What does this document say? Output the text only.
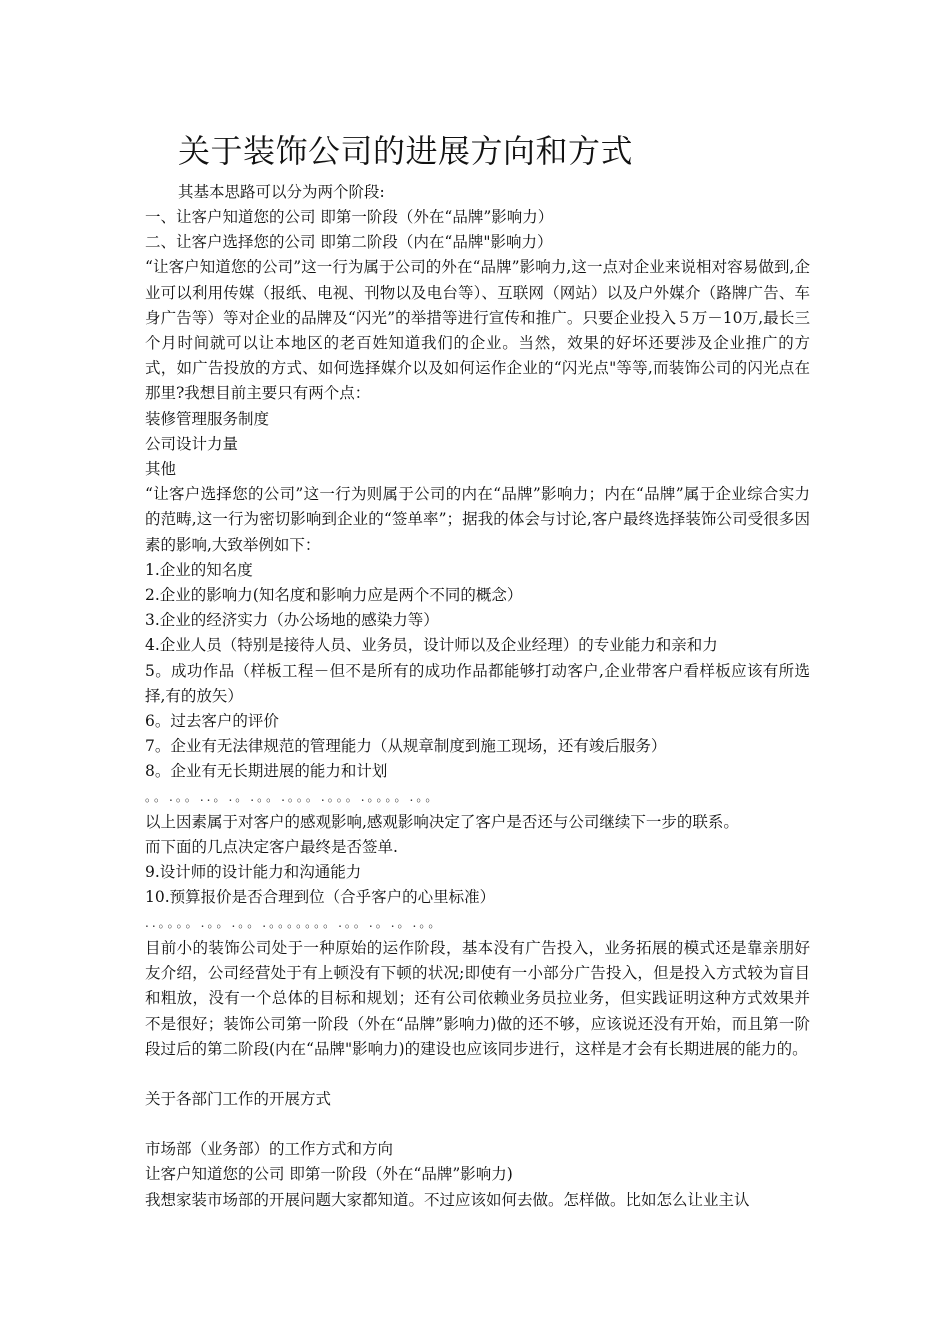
关于装饰公司的进展方向和方式

其基本思路可以分为两个阶段:

一、让客户知道您的公司 即第一阶段（外在“品牌”影响力）
二、让客户选择您的公司 即第二阶段（内在“品牌"影响力）

“让客户知道您的公司”这一行为属于公司的外在“品牌”影响力,这一点对企业来说相对容易做到,企业可以利用传媒（报纸、电视、刊物以及电台等）、互联网（网站）以及户外媒介（路牌广告、车身广告等）等对企业的品牌及“闪光”的举措等进行宣传和推广。只要企业投入５万－10万,最长三个月时间就可以让本地区的老百姓知道我们的企业。当然，效果的好坏还要涉及企业推广的方式，如广告投放的方式、如何选择媒介以及如何运作企业的“闪光点"等等,而装饰公司的闪光点在那里?我想目前主要只有两个点：

装修管理服务制度
公司设计力量
其他

“让客户选择您的公司”这一行为则属于公司的内在“品牌”影响力；内在“品牌”属于企业综合实力的范畴,这一行为密切影响到企业的“签单率”；据我的体会与讨论,客户最终选择装饰公司受很多因素的影响,大致举例如下：

1.企业的知名度
2.企业的影响力(知名度和影响力应是两个不同的概念）
3.企业的经济实力（办公场地的感染力等）
4.企业人员（特别是接待人员、业务员，设计师以及企业经理）的专业能力和亲和力
5。成功作品（样板工程－但不是所有的成功作品都能够打动客户,企业带客户看样板应该有所选择,有的放矢）
6。过去客户的评价
7。企业有无法律规范的管理能力（从规章制度到施工现场，还有竣后服务）
8。企业有无长期进展的能力和计划
。。.。。..。.。.。。.。。。.。。。.。。。。.。。
以上因素属于对客户的感观影响,感观影响决定了客户是否还与公司继续下一步的联系。
而下面的几点决定客户最终是否签单.
9.设计师的设计能力和沟通能力
10.预算报价是否合理到位（合乎客户的心里标准）
..。。。。.。。.。。.。。。。。。。.。。.。.。.。。

目前小的装饰公司处于一种原始的运作阶段，基本没有广告投入，业务拓展的模式还是靠亲朋好友介绍，公司经营处于有上顿没有下顿的状况;即使有一小部分广告投入，但是投入方式较为盲目和粗放，没有一个总体的目标和规划；还有公司依赖业务员拉业务，但实践证明这种方式效果并不是很好；装饰公司第一阶段（外在“品牌”影响力)做的还不够，应该说还没有开始，而且第一阶段过后的第二阶段(内在“品牌"影响力)的建设也应该同步进行，这样是才会有长期进展的能力的。

关于各部门工作的开展方式

市场部（业务部）的工作方式和方向
让客户知道您的公司 即第一阶段（外在“品牌”影响力)
我想家装市场部的开展问题大家都知道。不过应该如何去做。怎样做。比如怎么让业主认
